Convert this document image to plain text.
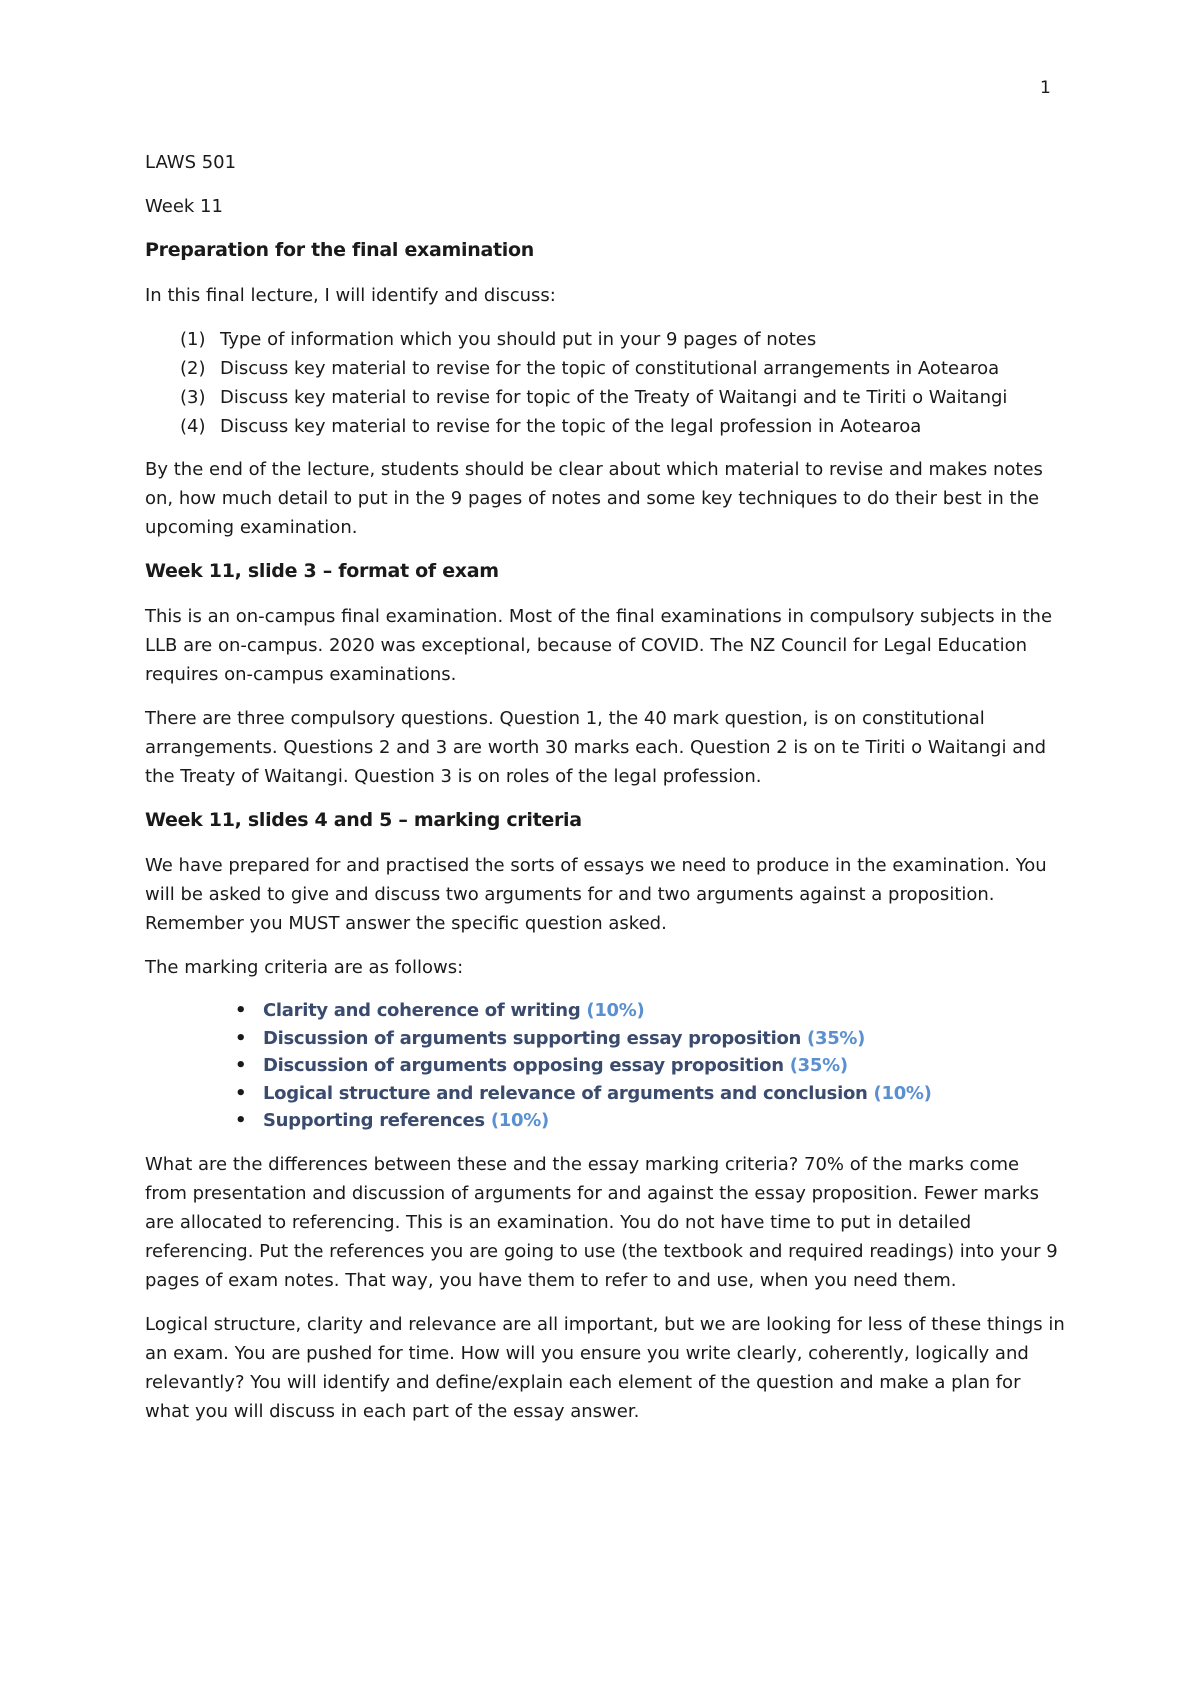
1
LAWS 501
Week 11
Preparation for the final examination

In this final lecture, I will identify and discuss:

(1) Type of information which you should put in your 9 pages of notes
(2) Discuss key material to revise for the topic of constitutional arrangements in Aotearoa
(3) Discuss key material to revise for topic of the Treaty of Waitangi and te Tiriti o Waitangi
(4) Discuss key material to revise for the topic of the legal profession in Aotearoa

By the end of the lecture, students should be clear about which material to revise and makes notes on, how much detail to put in the 9 pages of notes and some key techniques to do their best in the upcoming examination.

Week 11, slide 3 – format of exam

This is an on-campus final examination. Most of the final examinations in compulsory subjects in the LLB are on-campus. 2020 was exceptional, because of COVID. The NZ Council for Legal Education requires on-campus examinations.

There are three compulsory questions. Question 1, the 40 mark question, is on constitutional arrangements. Questions 2 and 3 are worth 30 marks each. Question 2 is on te Tiriti o Waitangi and the Treaty of Waitangi. Question 3 is on roles of the legal profession.

Week 11, slides 4 and 5 – marking criteria

We have prepared for and practised the sorts of essays we need to produce in the examination. You will be asked to give and discuss two arguments for and two arguments against a proposition. Remember you MUST answer the specific question asked.

The marking criteria are as follows:

• Clarity and coherence of writing (10%)
• Discussion of arguments supporting essay proposition (35%)
• Discussion of arguments opposing essay proposition (35%)
• Logical structure and relevance of arguments and conclusion (10%)
• Supporting references (10%)

What are the differences between these and the essay marking criteria? 70% of the marks come from presentation and discussion of arguments for and against the essay proposition. Fewer marks are allocated to referencing. This is an examination. You do not have time to put in detailed referencing. Put the references you are going to use (the textbook and required readings) into your 9 pages of exam notes. That way, you have them to refer to and use, when you need them.

Logical structure, clarity and relevance are all important, but we are looking for less of these things in an exam. You are pushed for time. How will you ensure you write clearly, coherently, logically and relevantly? You will identify and define/explain each element of the question and make a plan for what you will discuss in each part of the essay answer.
